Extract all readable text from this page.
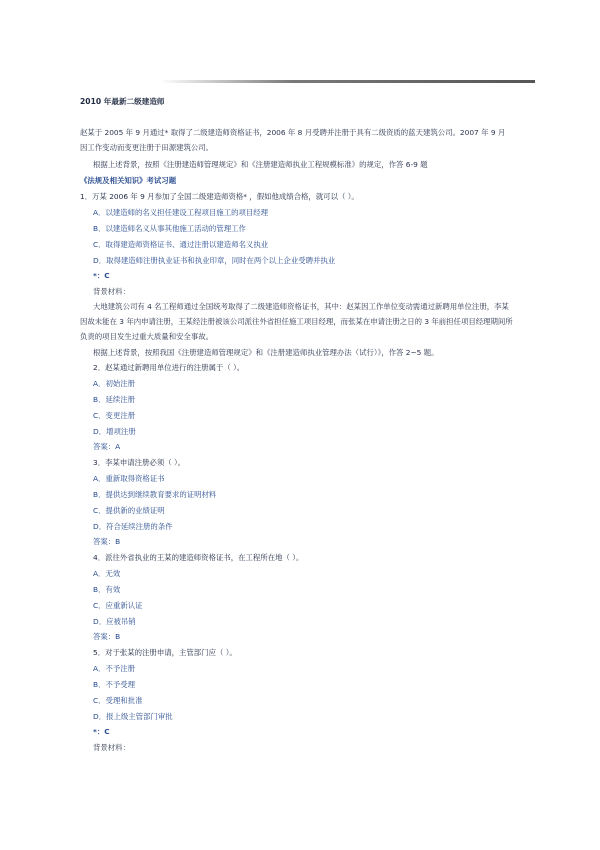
2010 年最新二级建造师
赵某于 2005 年 9 月通过* 取得了二级建造师资格证书，2006 年 8 月受聘并注册于具有二级资质的蓝天建筑公司。2007 年 9 月
因工作变动而变更注册于田源建筑公司。
根据上述背景，按照《注册建造师管理规定》和《注册建造师执业工程规模标准》的规定，作答 6-9 题
《法规及相关知识》考试习题
1．万某 2006 年 9 月参加了全国二级建造师资格* ，假如他成绩合格，就可以（ ）。
A．以建造师的名义担任建设工程项目施工的项目经理
B．以建造师名义从事其他施工活动的管理工作
C．取得建造师资格证书、通过注册以建造师名义执业
D．取得建造师注册执业证书和执业印章，同时在两个以上企业受聘并执业
*：C
背景材料：
大地建筑公司有 4 名工程师通过全国统考取得了二级建造师资格证书，其中：赵某因工作单位变动需通过新聘用单位注册，李某
因故未能在 3 年内申请注册，王某经注册被该公司派往外省担任施工项目经理，而张某在申请注册之日的 3 年前担任项目经理期间所
负责的项目发生过重大质量和安全事故。
根据上述背景，按照我国《注册建造师管理规定》和《注册建造师执业管理办法（试行）》，作答 2~5 题。
2．赵某通过新聘用单位进行的注册属于（ ）。
A．初始注册
B．延续注册
C．变更注册
D．增项注册
答案：A
3．李某申请注册必须（ ）。
A．重新取得资格证书
B．提供达到继续教育要求的证明材料
C．提供新的业绩证明
D．符合延续注册的条件
答案：B
4．派往外省执业的王某的建造师资格证书，在工程所在地（ ）。
A．无效
B．有效
C．应重新认证
D．应被吊销
答案：B
5．对于张某的注册申请，主管部门应（ ）。
A．不予注册
B．不予受理
C．受理和批准
D．报上级主管部门审批
*：C
背景材料：
